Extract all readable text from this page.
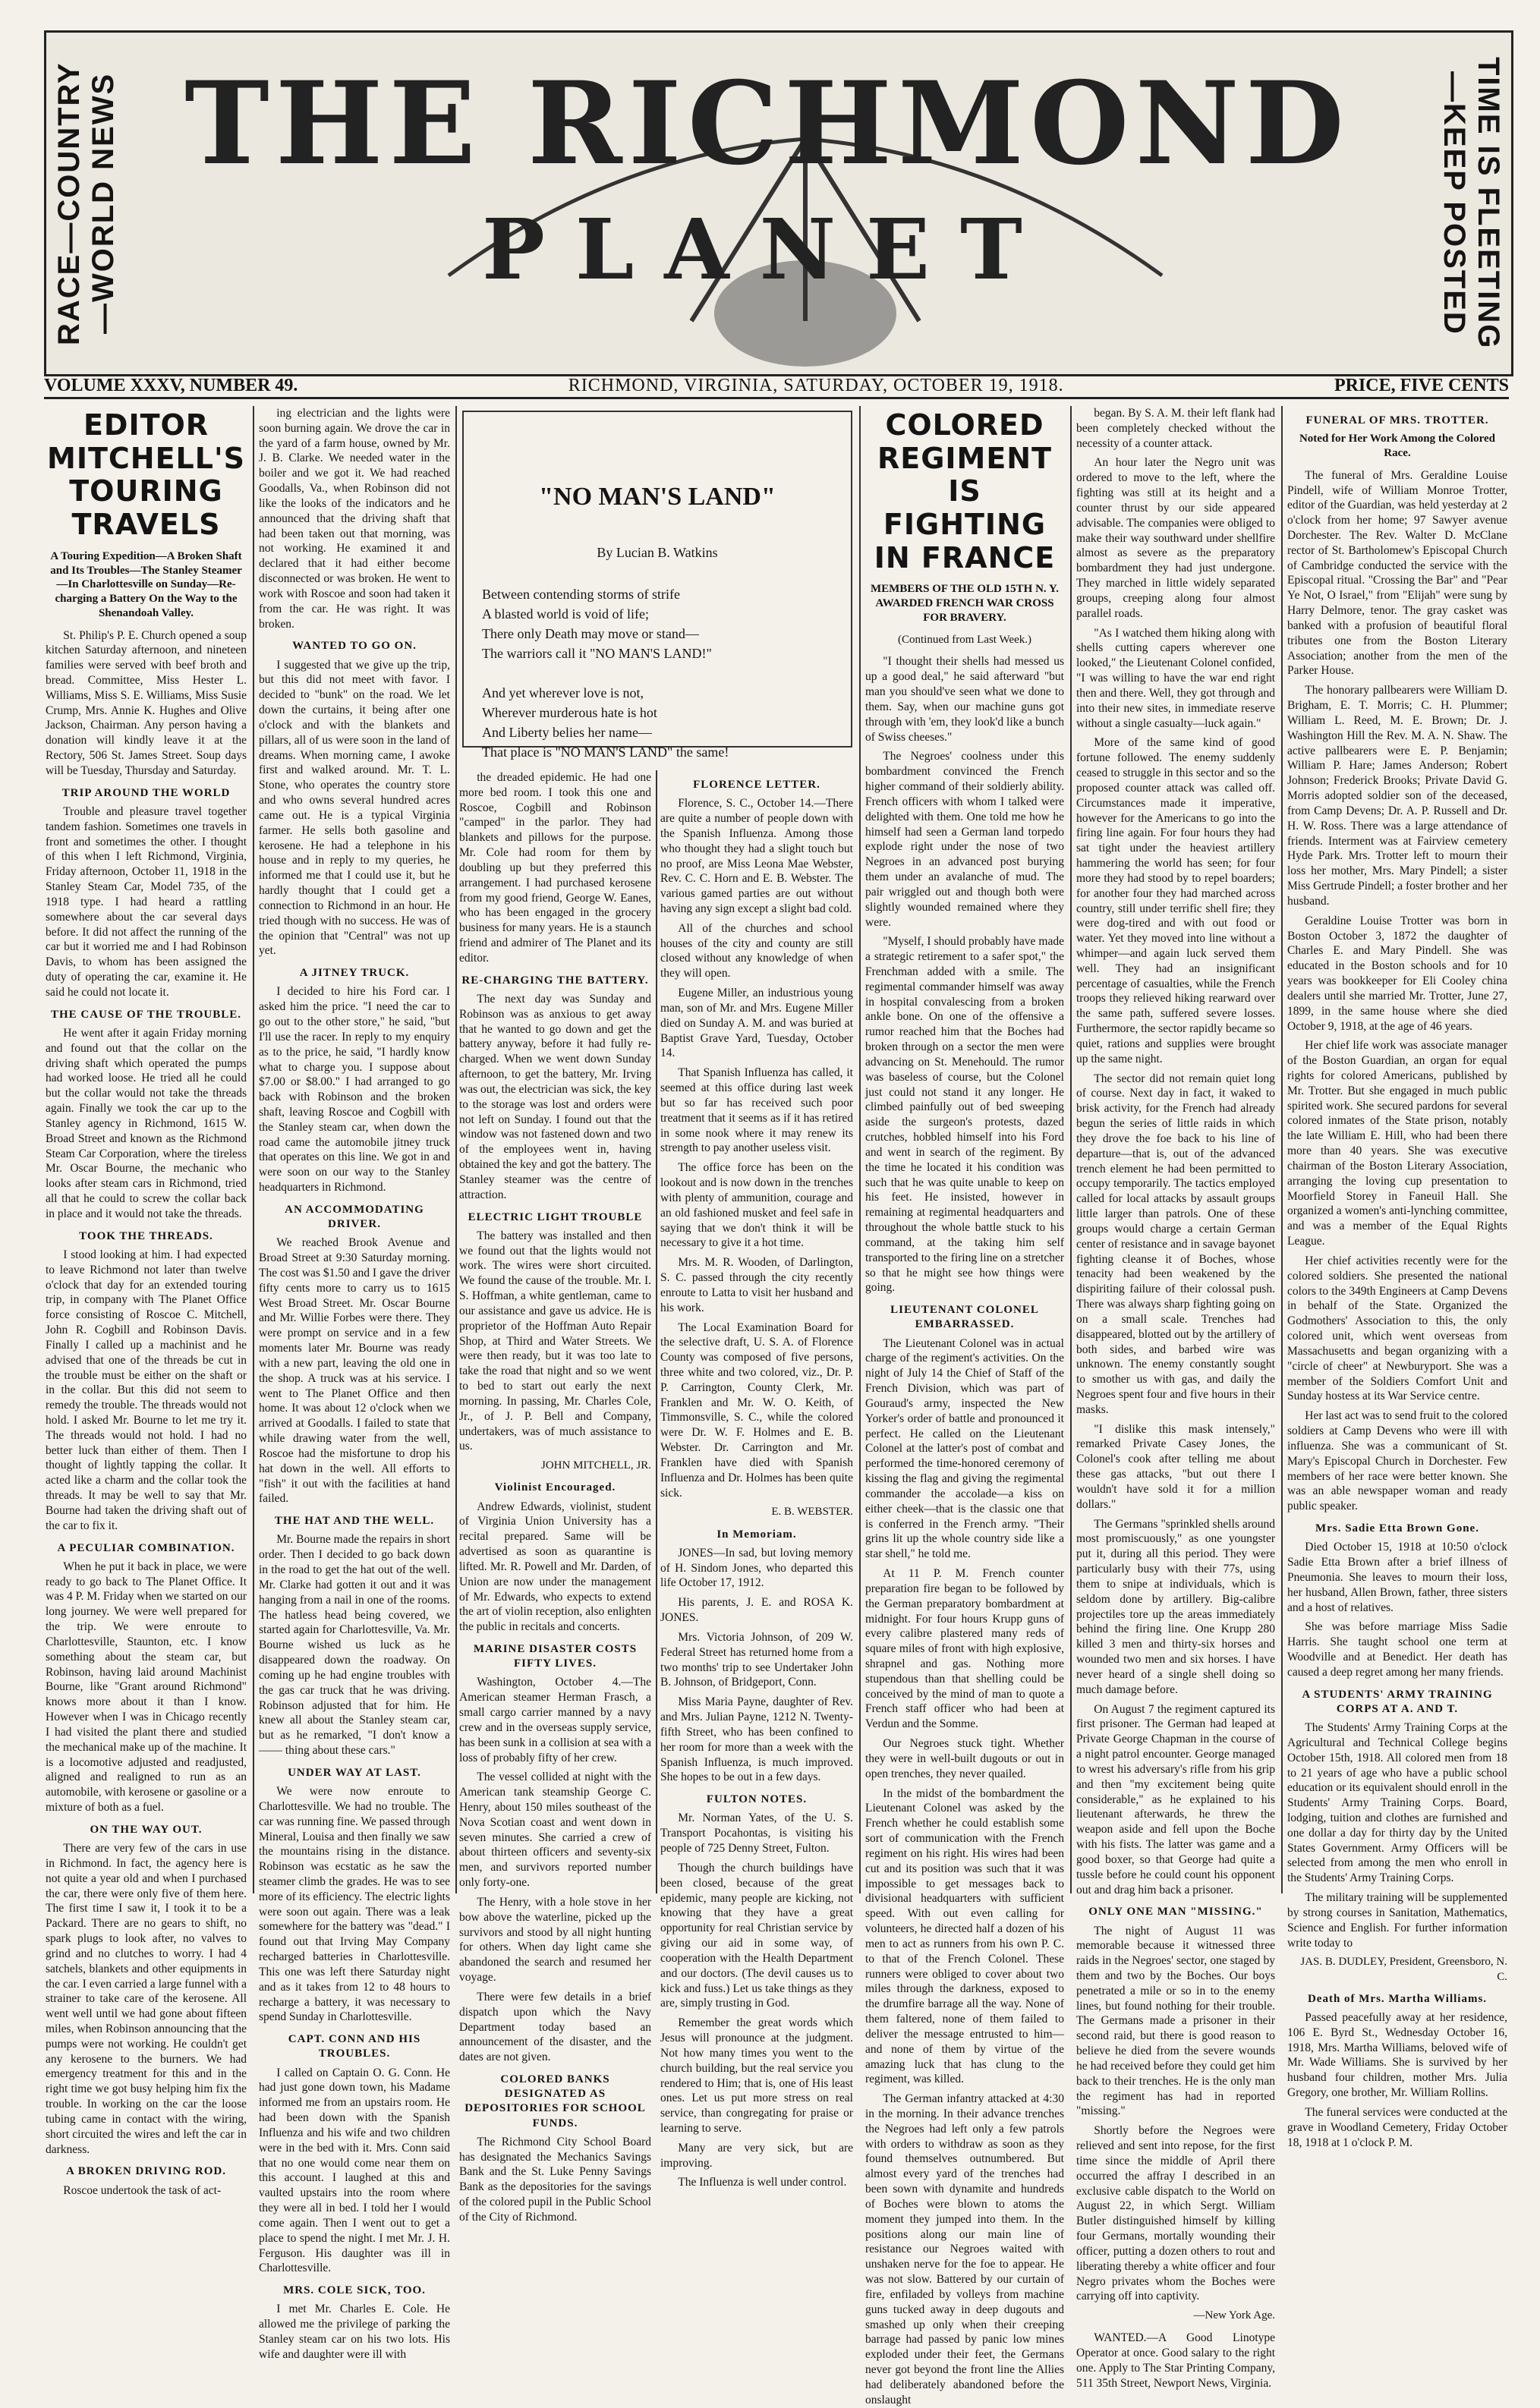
RACE—COUNTRY—WORLD NEWS THE RICHMOND
PLANET	TIME IS FLEETING—KEEP POSTED
VOLUME XXXV, NUMBER 49.	RICHMOND, VIRGINIA, SATURDAY, OCTOBER 19, 1918.	PRICE, FIVE CENTS
EDITOR MITCHELL'S TOURING TRAVELS
A Touring Expedition—A Broken Shaft and Its Troubles—The Stanley Steamer—In Charlottesville on Sunday—Re-charging a Battery On the Way to the Shenandoah Valley.

St. Philip's P. E. Church opened a soup kitchen Saturday afternoon, and nineteen families were served with beef broth and bread. Committee, Miss Hester L. Williams, Miss S. E. Williams, Miss Susie Crump, Mrs. Annie K. Hughes and Olive Jackson, Chairman. Any person having a donation will kindly leave it at the Rectory, 506 St. James Street. Soup days will be Tuesday, Thursday and Saturday.

TRIP AROUND THE WORLD

Trouble and pleasure travel together tandem fashion. Sometimes one travels in front and sometimes the other. I thought of this when I left Richmond, Virginia, Friday afternoon, October 11, 1918 in the Stanley Steam Car, Model 735, of the 1918 type. I had heard a rattling somewhere about the car several days before. It did not affect the running of the car but it worried me and I had Robinson Davis, to whom has been assigned the duty of operating the car, examine it. He said he could not locate it.

THE CAUSE OF THE TROUBLE.

He went after it again Friday morning and found out that the collar on the driving shaft which operated the pumps had worked loose. He tried all he could but the collar would not take the threads again. Finally we took the car up to the Stanley agency in Richmond, 1615 W. Broad Street and known as the Richmond Steam Car Corporation, where the tireless Mr. Oscar Bourne, the mechanic who looks after steam cars in Richmond, tried all that he could to screw the collar back in place and it would not take the threads.

TOOK THE THREADS.

I stood looking at him. I had expected to leave Richmond not later than twelve o'clock that day for an extended touring trip, in company with The Planet Office force consisting of Roscoe C. Mitchell, John R. Cogbill and Robinson Davis. Finally I called up a machinist and he advised that one of the threads be cut in the trouble must be either on the shaft or in the collar. But this did not seem to remedy the trouble. The threads would not hold. I asked Mr. Bourne to let me try it. The threads would not hold. I had no better luck than either of them. Then I thought of lightly tapping the collar. It acted like a charm and the collar took the threads. It may be well to say that Mr. Bourne had taken the driving shaft out of the car to fix it.

A PECULIAR COMBINATION.

When he put it back in place, we were ready to go back to The Planet Office. It was 4 P. M. Friday when we started on our long journey. We were well prepared for the trip. We were enroute to Charlottesville, Staunton, etc. I know something about the steam car, but Robinson, having laid around Machinist Bourne, like "Grant around Richmond" knows more about it than I know. However when I was in Chicago recently I had visited the plant there and studied the mechanical make up of the machine. It is a locomotive adjusted and readjusted, aligned and realigned to run as an automobile, with kerosene or gasoline or a mixture of both as a fuel.

ON THE WAY OUT.

There are very few of the cars in use in Richmond. In fact, the agency here is not quite a year old and when I purchased the car, there were only five of them here. The first time I saw it, I took it to be a Packard. There are no gears to shift, no spark plugs to look after, no valves to grind and no clutches to worry. I had 4 satchels, blankets and other equipments in the car. I even carried a large funnel with a strainer to take care of the kerosene. All went well until we had gone about fifteen miles, when Robinson announcing that the pumps were not working. He couldn't get any kerosene to the burners. We had emergency treatment for this and in the right time we got busy helping him fix the trouble. In working on the car the loose tubing came in contact with the wiring, short circuited the wires and left the car in darkness.

A BROKEN DRIVING ROD.

Roscoe undertook the task of act-

ing electrician and the lights were soon burning again. We drove the car in the yard of a farm house, owned by Mr. J. B. Clarke. We needed water in the boiler and we got it. We had reached Goodalls, Va., when Robinson did not like the looks of the indicators and he announced that the driving shaft that had been taken out that morning, was not working. He examined it and declared that it had either become disconnected or was broken. He went to work with Roscoe and soon had taken it from the car. He was right. It was broken.

WANTED TO GO ON.

I suggested that we give up the trip, but this did not meet with favor. I decided to "bunk" on the road. We let down the curtains, it being after one o'clock and with the blankets and pillars, all of us were soon in the land of dreams. When morning came, I awoke first and walked around. Mr. T. L. Stone, who operates the country store and who owns several hundred acres came out. He is a typical Virginia farmer. He sells both gasoline and kerosene. He had a telephone in his house and in reply to my queries, he informed me that I could use it, but he hardly thought that I could get a connection to Richmond in an hour. He tried though with no success. He was of the opinion that "Central" was not up yet.

A JITNEY TRUCK.

I decided to hire his Ford car. I asked him the price. "I need the car to go out to the other store," he said, "but I'll use the racer. In reply to my enquiry as to the price, he said, "I hardly know what to charge you. I suppose about $7.00 or $8.00." I had arranged to go back with Robinson and the broken shaft, leaving Roscoe and Cogbill with the Stanley steam car, when down the road came the automobile jitney truck that operates on this line. We got in and were soon on our way to the Stanley headquarters in Richmond.

AN ACCOMMODATING DRIVER.

We reached Brook Avenue and Broad Street at 9:30 Saturday morning. The cost was $1.50 and I gave the driver fifty cents more to carry us to 1615 West Broad Street. Mr. Oscar Bourne and Mr. Willie Forbes were there. They were prompt on service and in a few moments later Mr. Bourne was ready with a new part, leaving the old one in the shop. A truck was at his service. I went to The Planet Office and then home. It was about 12 o'clock when we arrived at Goodalls. I failed to state that while drawing water from the well, Roscoe had the misfortune to drop his hat down in the well. All efforts to "fish" it out with the facilities at hand failed.

THE HAT AND THE WELL.

Mr. Bourne made the repairs in short order. Then I decided to go back down in the road to get the hat out of the well. Mr. Clarke had gotten it out and it was hanging from a nail in one of the rooms. The hatless head being covered, we started again for Charlottesville, Va. Mr. Bourne wished us luck as he disappeared down the roadway. On coming up he had engine troubles with the gas car truck that he was driving. Robinson adjusted that for him. He knew all about the Stanley steam car, but as he remarked, "I don't know a —— thing about these cars."

UNDER WAY AT LAST.

We were now enroute to Charlottesville. We had no trouble. The car was running fine. We passed through Mineral, Louisa and then finally we saw the mountains rising in the distance. Robinson was ecstatic as he saw the steamer climb the grades. He was to see more of its efficiency. The electric lights were soon out again. There was a leak somewhere for the battery was "dead." I found out that Irving May Company recharged batteries in Charlottesville. This one was left there Saturday night and as it takes from 12 to 48 hours to recharge a battery, it was necessary to spend Sunday in Charlottesville.

CAPT. CONN AND HIS TROUBLES.

I called on Captain O. G. Conn. He had just gone down town, his Madame informed me from an upstairs room. He had been down with the Spanish Influenza and his wife and two children were in the bed with it. Mrs. Conn said that no one would come near them on this account. I laughed at this and vaulted upstairs into the room where they were all in bed. I told her I would come again. Then I went out to get a place to spend the night. I met Mr. J. H. Ferguson. His daughter was ill in Charlottesville.

MRS. COLE SICK, TOO.

I met Mr. Charles E. Cole. He allowed me the privilege of parking the Stanley steam car on his two lots. His wife and daughter were ill with

"NO MAN'S LAND"
By Lucian B. Watkins

Between contending storms of strife

A blasted world is void of life;

There only Death may move or stand—

The warriors call it "NO MAN'S LAND!"

And yet wherever love is not,

Wherever murderous hate is hot

And Liberty belies her name—

That place is "NO MAN'S LAND" the same!

the dreaded epidemic. He had one more bed room. I took this one and Roscoe, Cogbill and Robinson "camped" in the parlor. They had blankets and pillows for the purpose. Mr. Cole had room for them by doubling up but they preferred this arrangement. I had purchased kerosene from my good friend, George W. Eanes, who has been engaged in the grocery business for many years. He is a staunch friend and admirer of The Planet and its editor.

RE-CHARGING THE BATTERY.

The next day was Sunday and Robinson was as anxious to get away that he wanted to go down and get the battery anyway, before it had fully re-charged. When we went down Sunday afternoon, to get the battery, Mr. Irving was out, the electrician was sick, the key to the storage was lost and orders were not left on Sunday. I found out that the window was not fastened down and two of the employees went in, having obtained the key and got the battery. The Stanley steamer was the centre of attraction.

ELECTRIC LIGHT TROUBLE

The battery was installed and then we found out that the lights would not work. The wires were short circuited. We found the cause of the trouble. Mr. I. S. Hoffman, a white gentleman, came to our assistance and gave us advice. He is proprietor of the Hoffman Auto Repair Shop, at Third and Water Streets. We were then ready, but it was too late to take the road that night and so we went to bed to start out early the next morning. In passing, Mr. Charles Cole, Jr., of J. P. Bell and Company, undertakers, was of much assistance to us.

JOHN MITCHELL, JR.
Violinist Encouraged.

Andrew Edwards, violinist, student of Virginia Union University has a recital prepared. Same will be advertised as soon as quarantine is lifted. Mr. R. Powell and Mr. Darden, of Union are now under the management of Mr. Edwards, who expects to extend the art of violin reception, also enlighten the public in recitals and concerts.

MARINE DISASTER COSTS FIFTY LIVES.

Washington, October 4.—The American steamer Herman Frasch, a small cargo carrier manned by a navy crew and in the overseas supply service, has been sunk in a collision at sea with a loss of probably fifty of her crew.

The vessel collided at night with the American tank steamship George C. Henry, about 150 miles southeast of the Nova Scotian coast and went down in seven minutes. She carried a crew of about thirteen officers and seventy-six men, and survivors reported number only forty-one.

The Henry, with a hole stove in her bow above the waterline, picked up the survivors and stood by all night hunting for others. When day light came she abandoned the search and resumed her voyage.

There were few details in a brief dispatch upon which the Navy Department today based an announcement of the disaster, and the dates are not given.

COLORED BANKS DESIGNATED AS DEPOSITORIES FOR SCHOOL FUNDS.

The Richmond City School Board has designated the Mechanics Savings Bank and the St. Luke Penny Savings Bank as the depositories for the savings of the colored pupil in the Public School of the City of Richmond.

FLORENCE LETTER.

Florence, S. C., October 14.—There are quite a number of people down with the Spanish Influenza. Among those who thought they had a slight touch but no proof, are Miss Leona Mae Webster, Rev. C. C. Horn and E. B. Webster. The various gamed parties are out without having any sign except a slight bad cold.

All of the churches and school houses of the city and county are still closed without any knowledge of when they will open.

Eugene Miller, an industrious young man, son of Mr. and Mrs. Eugene Miller died on Sunday A. M. and was buried at Baptist Grave Yard, Tuesday, October 14.

That Spanish Influenza has called, it seemed at this office during last week but so far has received such poor treatment that it seems as if it has retired in some nook where it may renew its strength to pay another useless visit.

The office force has been on the lookout and is now down in the trenches with plenty of ammunition, courage and an old fashioned musket and feel safe in saying that we don't think it will be necessary to give it a hot time.

Mrs. M. R. Wooden, of Darlington, S. C. passed through the city recently enroute to Latta to visit her husband and his work.

The Local Examination Board for the selective draft, U. S. A. of Florence County was composed of five persons, three white and two colored, viz., Dr. P. P. Carrington, County Clerk, Mr. Franklen and Mr. W. O. Keith, of Timmonsville, S. C., while the colored were Dr. W. F. Holmes and E. B. Webster. Dr. Carrington and Mr. Franklen have died with Spanish Influenza and Dr. Holmes has been quite sick.

E. B. WEBSTER.
In Memoriam.

JONES—In sad, but loving memory of H. Sindom Jones, who departed this life October 17, 1912.

His parents, J. E. and ROSA K. JONES.

Mrs. Victoria Johnson, of 209 W. Federal Street has returned home from a two months' trip to see Undertaker John B. Johnson, of Bridgeport, Conn.

Miss Maria Payne, daughter of Rev. and Mrs. Julian Payne, 1212 N. Twenty-fifth Street, who has been confined to her room for more than a week with the Spanish Influenza, is much improved. She hopes to be out in a few days.

FULTON NOTES.

Mr. Norman Yates, of the U. S. Transport Pocahontas, is visiting his people of 725 Denny Street, Fulton.

Though the church buildings have been closed, because of the great epidemic, many people are kicking, not knowing that they have a great opportunity for real Christian service by giving our aid in some way, of cooperation with the Health Department and our doctors. (The devil causes us to kick and fuss.) Let us take things as they are, simply trusting in God.

Remember the great words which Jesus will pronounce at the judgment. Not how many times you went to the church building, but the real service you rendered to Him; that is, one of His least ones. Let us put more stress on real service, than congregating for praise or learning to serve.

Many are very sick, but are improving.

The Influenza is well under control.

COLORED REGIMENT IS FIGHTING IN FRANCE
MEMBERS OF THE OLD 15TH N. Y. AWARDED FRENCH WAR CROSS FOR BRAVERY.
(Continued from Last Week.)

"I thought their shells had messed us up a good deal," he said afterward "but man you should've seen what we done to them. Say, when our machine guns got through with 'em, they look'd like a bunch of Swiss cheeses."

The Negroes' coolness under this bombardment convinced the French higher command of their soldierly ability. French officers with whom I talked were delighted with them. One told me how he himself had seen a German land torpedo explode right under the nose of two Negroes in an advanced post burying them under an avalanche of mud. The pair wriggled out and though both were slightly wounded remained where they were.

"Myself, I should probably have made a strategic retirement to a safer spot," the Frenchman added with a smile. The regimental commander himself was away in hospital convalescing from a broken ankle bone. On one of the offensive a rumor reached him that the Boches had broken through on a sector the men were advancing on St. Menehould. The rumor was baseless of course, but the Colonel just could not stand it any longer. He climbed painfully out of bed sweeping aside the surgeon's protests, dazed crutches, hobbled himself into his Ford and went in search of the regiment. By the time he located it his condition was such that he was quite unable to keep on his feet. He insisted, however in remaining at regimental headquarters and throughout the whole battle stuck to his command, at the taking him self transported to the firing line on a stretcher so that he might see how things were going.

LIEUTENANT COLONEL EMBARRASSED.

The Lieutenant Colonel was in actual charge of the regiment's activities. On the night of July 14 the Chief of Staff of the French Division, which was part of Gouraud's army, inspected the New Yorker's order of battle and pronounced it perfect. He called on the Lieutenant Colonel at the latter's post of combat and performed the time-honored ceremony of kissing the flag and giving the regimental commander the accolade—a kiss on either cheek—that is the classic one that is conferred in the French army. "Their grins lit up the whole country side like a star shell," he told me.

At 11 P. M. French counter preparation fire began to be followed by the German preparatory bombardment at midnight. For four hours Krupp guns of every calibre plastered many reds of square miles of front with high explosive, shrapnel and gas. Nothing more stupendous than that shelling could be conceived by the mind of man to quote a French staff officer who had been at Verdun and the Somme.

Our Negroes stuck tight. Whether they were in well-built dugouts or out in open trenches, they never quailed.

In the midst of the bombardment the Lieutenant Colonel was asked by the French whether he could establish some sort of communication with the French regiment on his right. His wires had been cut and its position was such that it was impossible to get messages back to divisional headquarters with sufficient speed. With out even calling for volunteers, he directed half a dozen of his men to act as runners from his own P. C. to that of the French Colonel. These runners were obliged to cover about two miles through the darkness, exposed to the drumfire barrage all the way. None of them faltered, none of them failed to deliver the message entrusted to him—and none of them by virtue of the amazing luck that has clung to the regiment, was killed.

The German infantry attacked at 4:30 in the morning. In their advance trenches the Negroes had left only a few patrols with orders to withdraw as soon as they found themselves outnumbered. But almost every yard of the trenches had been sown with dynamite and hundreds of Boches were blown to atoms the moment they jumped into them. In the positions along our main line of resistance our Negroes waited with unshaken nerve for the foe to appear. He was not slow. Battered by our curtain of fire, enfiladed by volleys from machine guns tucked away in deep dugouts and smashed up only when their creeping barrage had passed by panic low mines exploded under their feet, the Germans never got beyond the front line the Allies had deliberately abandoned before the onslaught

began. By S. A. M. their left flank had been completely checked without the necessity of a counter attack.

An hour later the Negro unit was ordered to move to the left, where the fighting was still at its height and a counter thrust by our side appeared advisable. The companies were obliged to make their way southward under shellfire almost as severe as the preparatory bombardment they had just undergone. They marched in little widely separated groups, creeping along four almost parallel roads.

"As I watched them hiking along with shells cutting capers wherever one looked," the Lieutenant Colonel confided, "I was willing to have the war end right then and there. Well, they got through and into their new sites, in immediate reserve without a single casualty—luck again."

More of the same kind of good fortune followed. The enemy suddenly ceased to struggle in this sector and so the proposed counter attack was called off. Circumstances made it imperative, however for the Americans to go into the firing line again. For four hours they had sat tight under the heaviest artillery hammering the world has seen; for four more they had stood by to repel boarders; for another four they had marched across country, still under terrific shell fire; they were dog-tired and with out food or water. Yet they moved into line without a whimper—and again luck served them well. They had an insignificant percentage of casualties, while the French troops they relieved hiking rearward over the same path, suffered severe losses. Furthermore, the sector rapidly became so quiet, rations and supplies were brought up the same night.

The sector did not remain quiet long of course. Next day in fact, it waked to brisk activity, for the French had already begun the series of little raids in which they drove the foe back to his line of departure—that is, out of the advanced trench element he had been permitted to occupy temporarily. The tactics employed called for local attacks by assault groups little larger than patrols. One of these groups would charge a certain German center of resistance and in savage bayonet fighting cleanse it of Boches, whose tenacity had been weakened by the dispiriting failure of their colossal push. There was always sharp fighting going on on a small scale. Trenches had disappeared, blotted out by the artillery of both sides, and barbed wire was unknown. The enemy constantly sought to smother us with gas, and daily the Negroes spent four and five hours in their masks.

"I dislike this mask intensely," remarked Private Casey Jones, the Colonel's cook after telling me about these gas attacks, "but out there I wouldn't have sold it for a million dollars."

The Germans "sprinkled shells around most promiscuously," as one youngster put it, during all this period. They were particularly busy with their 77s, using them to snipe at individuals, which is seldom done by artillery. Big-calibre projectiles tore up the areas immediately behind the firing line. One Krupp 280 killed 3 men and thirty-six horses and wounded two men and six horses. I have never heard of a single shell doing so much damage before.

On August 7 the regiment captured its first prisoner. The German had leaped at Private George Chapman in the course of a night patrol encounter. George managed to wrest his adversary's rifle from his grip and then "my excitement being quite considerable," as he explained to his lieutenant afterwards, he threw the weapon aside and fell upon the Boche with his fists. The latter was game and a good boxer, so that George had quite a tussle before he could count his opponent out and drag him back a prisoner.

ONLY ONE MAN "MISSING."

The night of August 11 was memorable because it witnessed three raids in the Negroes' sector, one staged by them and two by the Boches. Our boys penetrated a mile or so in to the enemy lines, but found nothing for their trouble. The Germans made a prisoner in their second raid, but there is good reason to believe he died from the severe wounds he had received before they could get him back to their trenches. He is the only man the regiment has had in reported "missing."

Shortly before the Negroes were relieved and sent into repose, for the first time since the middle of April there occurred the affray I described in an exclusive cable dispatch to the World on August 22, in which Sergt. William Butler distinguished himself by killing four Germans, mortally wounding their officer, putting a dozen others to rout and liberating thereby a white officer and four Negro privates whom the Boches were carrying off into captivity.

—New York Age.

WANTED.—A Good Linotype Operator at once. Good salary to the right one. Apply to The Star Printing Company, 511 35th Street, Newport News, Virginia.

FUNERAL OF MRS. TROTTER.
Noted for Her Work Among the Colored Race.

The funeral of Mrs. Geraldine Louise Pindell, wife of William Monroe Trotter, editor of the Guardian, was held yesterday at 2 o'clock from her home; 97 Sawyer avenue Dorchester. The Rev. Walter D. McClane rector of St. Bartholomew's Episcopal Church of Cambridge conducted the service with the Episcopal ritual. "Crossing the Bar" and "Pear Ye Not, O Israel," from "Elijah" were sung by Harry Delmore, tenor. The gray casket was banked with a profusion of beautiful floral tributes one from the Boston Literary Association; another from the men of the Parker House.

The honorary pallbearers were William D. Brigham, E. T. Morris; C. H. Plummer; William L. Reed, M. E. Brown; Dr. J. Washington Hill the Rev. M. A. N. Shaw. The active pallbearers were E. P. Benjamin; William P. Hare; James Anderson; Robert Johnson; Frederick Brooks; Private David G. Morris adopted soldier son of the deceased, from Camp Devens; Dr. A. P. Russell and Dr. H. W. Ross. There was a large attendance of friends. Interment was at Fairview cemetery Hyde Park. Mrs. Trotter left to mourn their loss her mother, Mrs. Mary Pindell; a sister Miss Gertrude Pindell; a foster brother and her husband.

Geraldine Louise Trotter was born in Boston October 3, 1872 the daughter of Charles E. and Mary Pindell. She was educated in the Boston schools and for 10 years was bookkeeper for Eli Cooley china dealers until she married Mr. Trotter, June 27, 1899, in the same house where she died October 9, 1918, at the age of 46 years.

Her chief life work was associate manager of the Boston Guardian, an organ for equal rights for colored Americans, published by Mr. Trotter. But she engaged in much public spirited work. She secured pardons for several colored inmates of the State prison, notably the late William E. Hill, who had been there more than 40 years. She was executive chairman of the Boston Literary Association, arranging the loving cup presentation to Moorfield Storey in Faneuil Hall. She organized a women's anti-lynching committee, and was a member of the Equal Rights League.

Her chief activities recently were for the colored soldiers. She presented the national colors to the 349th Engineers at Camp Devens in behalf of the State. Organized the Godmothers' Association to this, the only colored unit, which went overseas from Massachusetts and began organizing with a "circle of cheer" at Newburyport. She was a member of the Soldiers Comfort Unit and Sunday hostess at its War Service centre.

Her last act was to send fruit to the colored soldiers at Camp Devens who were ill with influenza. She was a communicant of St. Mary's Episcopal Church in Dorchester. Few members of her race were better known. She was an able newspaper woman and ready public speaker.

Mrs. Sadie Etta Brown Gone.

Died October 15, 1918 at 10:50 o'clock Sadie Etta Brown after a brief illness of Pneumonia. She leaves to mourn their loss, her husband, Allen Brown, father, three sisters and a host of relatives.

She was before marriage Miss Sadie Harris. She taught school one term at Woodville and at Benedict. Her death has caused a deep regret among her many friends.

A STUDENTS' ARMY TRAINING CORPS AT A. AND T.

The Students' Army Training Corps at the Agricultural and Technical College begins October 15th, 1918. All colored men from 18 to 21 years of age who have a public school education or its equivalent should enroll in the Students' Army Training Corps. Board, lodging, tuition and clothes are furnished and one dollar a day for thirty day by the United States Government. Army Officers will be selected from among the men who enroll in the Students' Army Training Corps.

The military training will be supplemented by strong courses in Sanitation, Mathematics, Science and English. For further information write today to

JAS. B. DUDLEY, President, Greensboro, N. C.
Death of Mrs. Martha Williams.

Passed peacefully away at her residence, 106 E. Byrd St., Wednesday October 16, 1918, Mrs. Martha Williams, beloved wife of Mr. Wade Williams. She is survived by her husband four children, mother Mrs. Julia Gregory, one brother, Mr. William Rollins.

The funeral services were conducted at the grave in Woodland Cemetery, Friday October 18, 1918 at 1 o'clock P. M.
